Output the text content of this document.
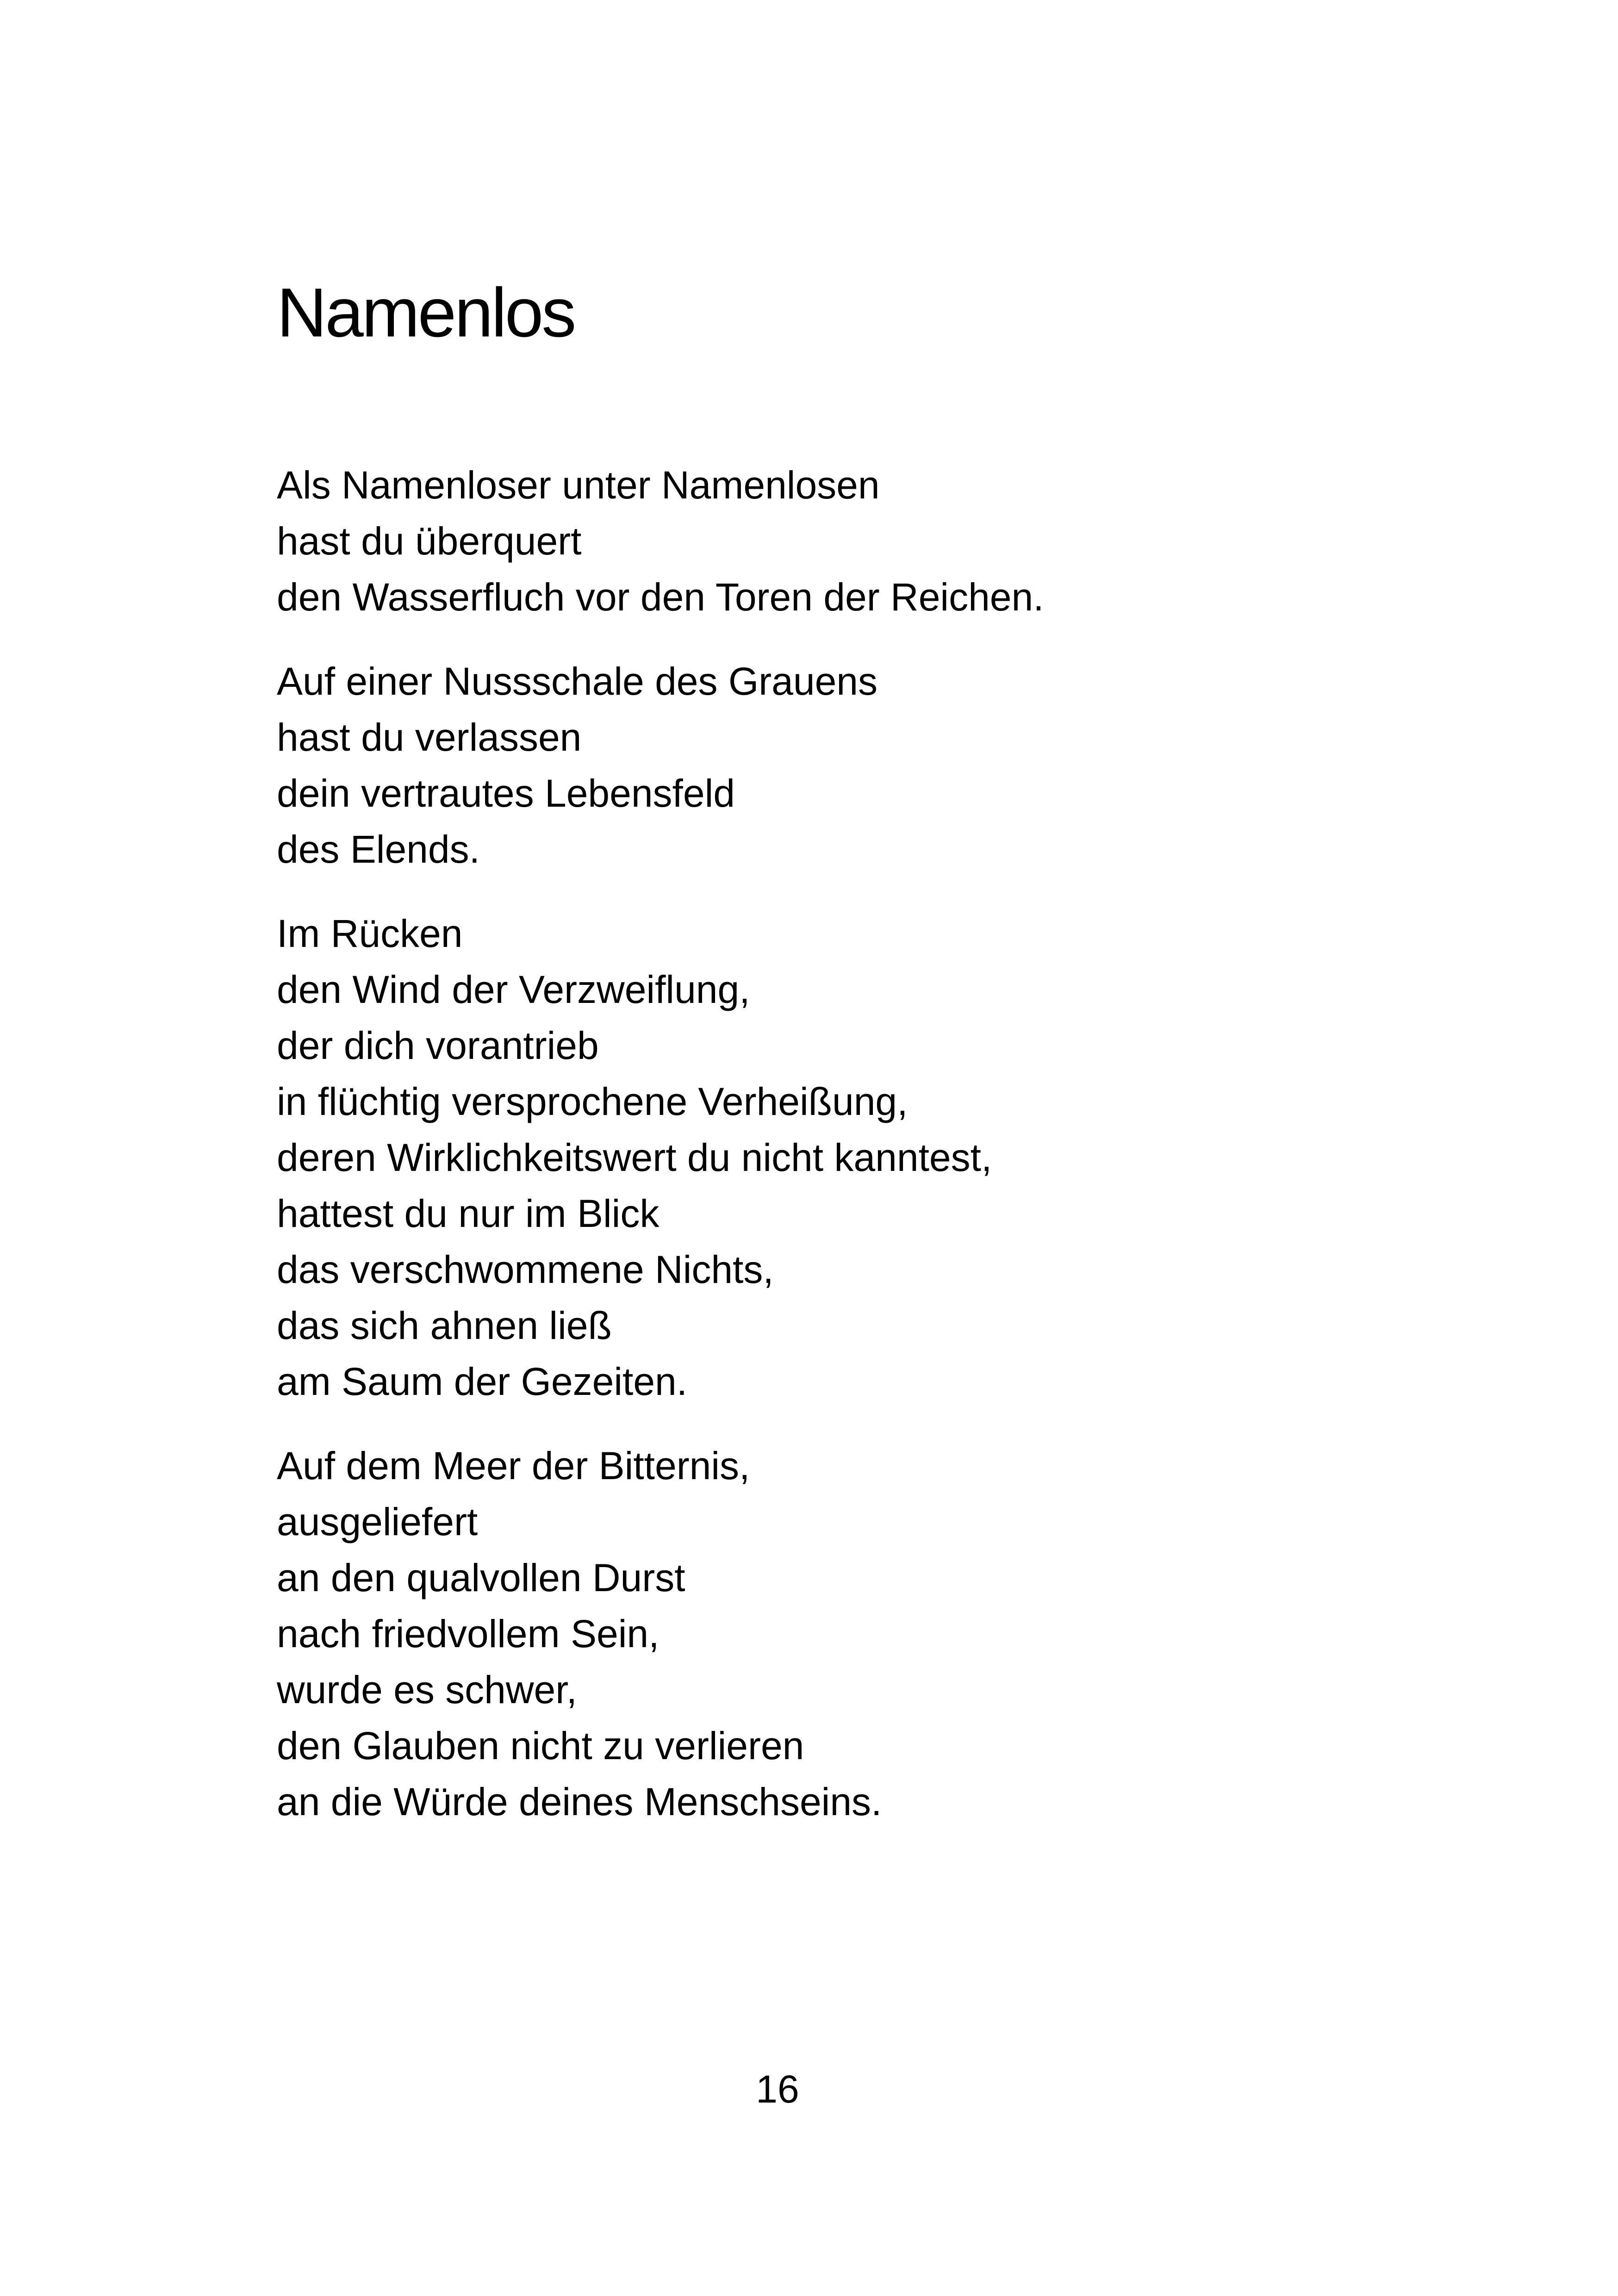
Namenlos
Als Namenloser unter Namenlosen
hast du überquert
den Wasserfluch vor den Toren der Reichen.
Auf einer Nussschale des Grauens
hast du verlassen
dein vertrautes Lebensfeld
des Elends.
Im Rücken
den Wind der Verzweiflung,
der dich vorantrieb
in flüchtig versprochene Verheißung,
deren Wirklichkeitswert du nicht kanntest,
hattest du nur im Blick
das verschwommene Nichts,
das sich ahnen ließ
am Saum der Gezeiten.
Auf dem Meer der Bitternis,
ausgeliefert
an den qualvollen Durst
nach friedvollem Sein,
wurde es schwer,
den Glauben nicht zu verlieren
an die Würde deines Menschseins.
16
